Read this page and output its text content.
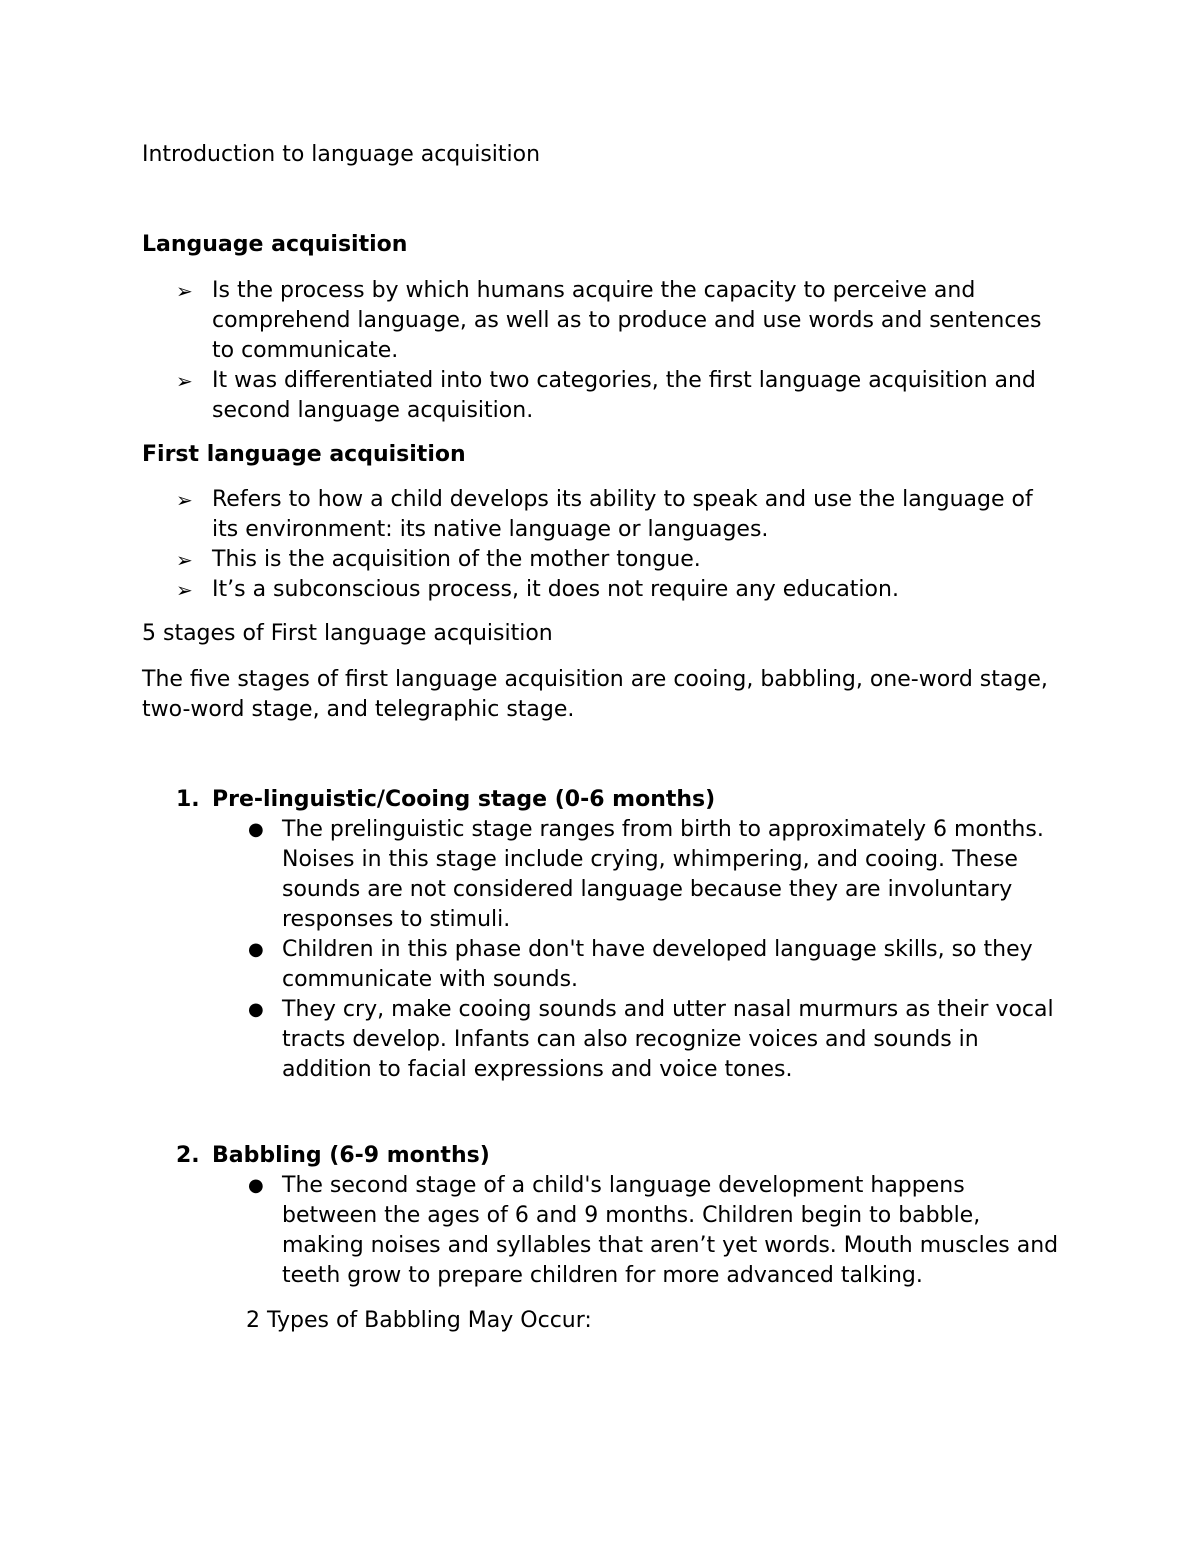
Introduction to language acquisition

Language acquisition

➢ Is the process by which humans acquire the capacity to perceive and comprehend language, as well as to produce and use words and sentences to communicate.
➢ It was differentiated into two categories, the first language acquisition and second language acquisition.

First language acquisition

➢ Refers to how a child develops its ability to speak and use the language of its environment: its native language or languages.
➢ This is the acquisition of the mother tongue.
➢ It’s a subconscious process, it does not require any education.

5 stages of First language acquisition

The five stages of first language acquisition are cooing, babbling, one-word stage, two-word stage, and telegraphic stage.

1. Pre-linguistic/Cooing stage (0-6 months)

● The prelinguistic stage ranges from birth to approximately 6 months. Noises in this stage include crying, whimpering, and cooing. These sounds are not considered language because they are involuntary responses to stimuli.
● Children in this phase don't have developed language skills, so they communicate with sounds.
● They cry, make cooing sounds and utter nasal murmurs as their vocal tracts develop. Infants can also recognize voices and sounds in addition to facial expressions and voice tones.

2. Babbling (6-9 months)

● The second stage of a child's language development happens between the ages of 6 and 9 months. Children begin to babble, making noises and syllables that aren’t yet words. Mouth muscles and teeth grow to prepare children for more advanced talking.

2 Types of Babbling May Occur:
